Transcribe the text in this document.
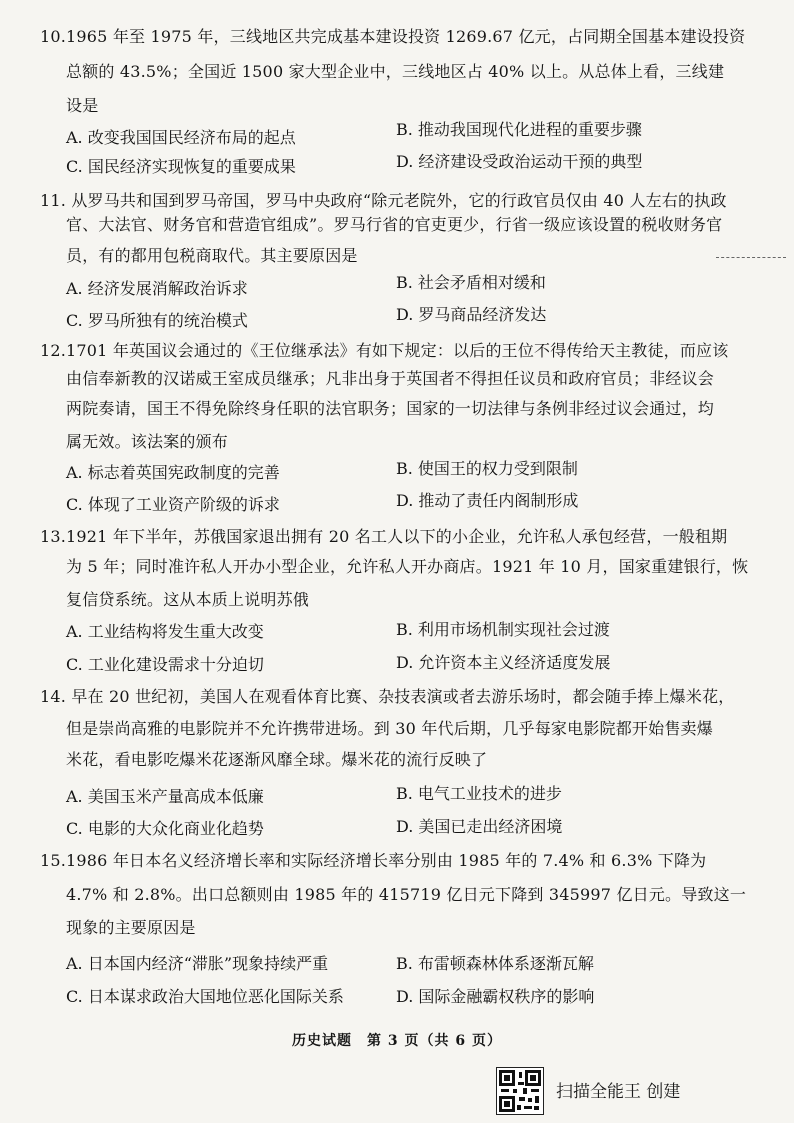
10.1965 年至 1975 年，三线地区共完成基本建设投资 1269.67 亿元，占同期全国基本建设投资
总额的 43.5%；全国近 1500 家大型企业中，三线地区占 40% 以上。从总体上看，三线建
设是
A. 改变我国国民经济布局的起点	B. 推动我国现代化进程的重要步骤
C. 国民经济实现恢复的重要成果	D. 经济建设受政治运动干预的典型
11. 从罗马共和国到罗马帝国，罗马中央政府“除元老院外，它的行政官员仅由 40 人左右的执政
官、大法官、财务官和营造官组成”。罗马行省的官吏更少，行省一级应该设置的税收财务官
员，有的都用包税商取代。其主要原因是
A. 经济发展消解政治诉求	B. 社会矛盾相对缓和
C. 罗马所独有的统治模式	D. 罗马商品经济发达
12.1701 年英国议会通过的《王位继承法》有如下规定：以后的王位不得传给天主教徒，而应该
由信奉新教的汉诺威王室成员继承；凡非出身于英国者不得担任议员和政府官员；非经议会
两院奏请，国王不得免除终身任职的法官职务；国家的一切法律与条例非经过议会通过，均
属无效。该法案的颁布
A. 标志着英国宪政制度的完善	B. 使国王的权力受到限制
C. 体现了工业资产阶级的诉求	D. 推动了责任内阁制形成
13.1921 年下半年，苏俄国家退出拥有 20 名工人以下的小企业，允许私人承包经营，一般租期
为 5 年；同时准许私人开办小型企业，允许私人开办商店。1921 年 10 月，国家重建银行，恢
复信贷系统。这从本质上说明苏俄
A. 工业结构将发生重大改变	B. 利用市场机制实现社会过渡
C. 工业化建设需求十分迫切	D. 允许资本主义经济适度发展
14. 早在 20 世纪初，美国人在观看体育比赛、杂技表演或者去游乐场时，都会随手捧上爆米花，
但是崇尚高雅的电影院并不允许携带进场。到 30 年代后期，几乎每家电影院都开始售卖爆
米花，看电影吃爆米花逐渐风靡全球。爆米花的流行反映了
A. 美国玉米产量高成本低廉	B. 电气工业技术的进步
C. 电影的大众化商业化趋势	D. 美国已走出经济困境
15.1986 年日本名义经济增长率和实际经济增长率分别由 1985 年的 7.4% 和 6.3% 下降为
4.7% 和 2.8%。出口总额则由 1985 年的 415719 亿日元下降到 345997 亿日元。导致这一
现象的主要原因是
A. 日本国内经济“滞胀”现象持续严重	B. 布雷顿森林体系逐渐瓦解
C. 日本谋求政治大国地位恶化国际关系	D. 国际金融霸权秩序的影响
历史试题　第 3 页（共 6 页）
扫描全能王 创建
